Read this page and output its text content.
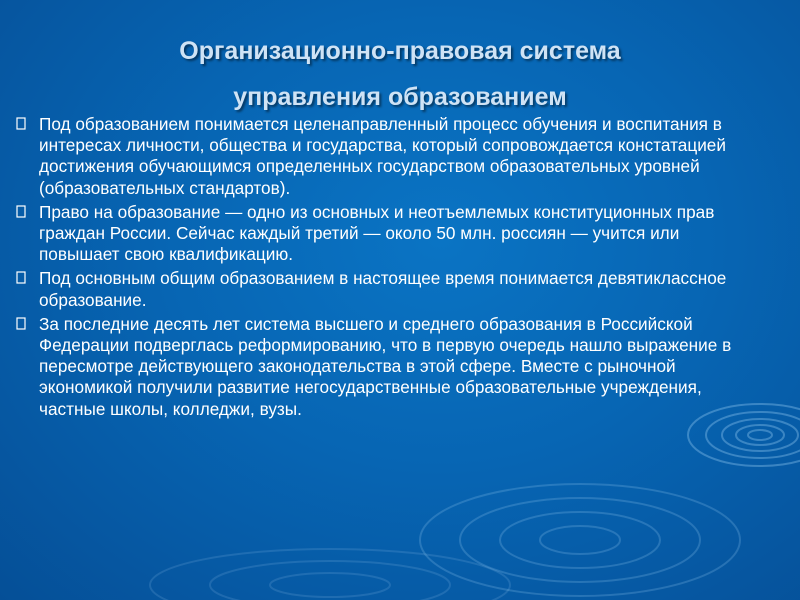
Организационно-правовая система
управления образованием
Под образованием понимается целенаправленный процесс обучения и воспитания в интересах личности, общества и государства, который сопровождается констатацией достижения обучающимся определенных государством образовательных уровней (образовательных стандартов).
Право на образование — одно из основных и неотъемлемых конституционных прав граждан России. Сейчас каждый третий — около 50 млн. россиян — учится или повышает свою квалификацию.
Под основным общим образованием в настоящее время понимается девятиклассное образование.
За последние десять лет система высшего и среднего образования в Российской Федерации подверглась реформированию, что в первую очередь нашло выражение в пересмотре действующего законодательства в этой сфере. Вместе с рыночной экономикой получили развитие негосударственные образовательные учреждения, частные школы, колледжи, вузы.
